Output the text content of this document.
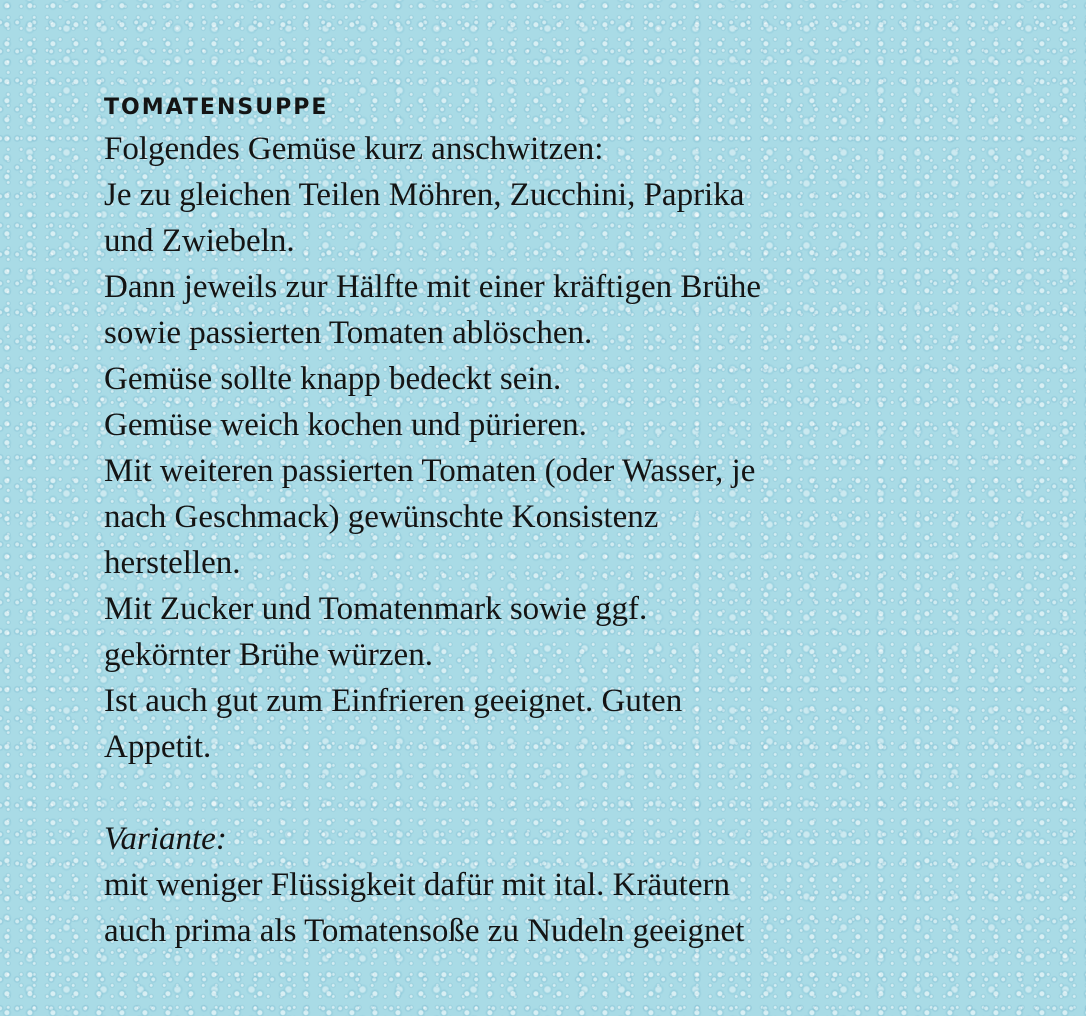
tomatensuppe
Folgendes Gemüse kurz anschwitzen:
Je zu gleichen Teilen Möhren, Zucchini, Paprika
und Zwiebeln.
Dann jeweils zur Hälfte mit einer kräftigen Brühe
sowie passierten Tomaten ablöschen.
Gemüse sollte knapp bedeckt sein.
Gemüse weich kochen und pürieren.
Mit weiteren passierten Tomaten (oder Wasser, je
nach Geschmack) gewünschte Konsistenz
herstellen.
Mit Zucker und Tomatenmark sowie ggf.
gekörnter Brühe würzen.
Ist auch gut zum Einfrieren geeignet. Guten
Appetit.
Variante:
mit weniger Flüssigkeit dafür mit ital. Kräutern
auch prima als Tomatensoße zu Nudeln geeignet
